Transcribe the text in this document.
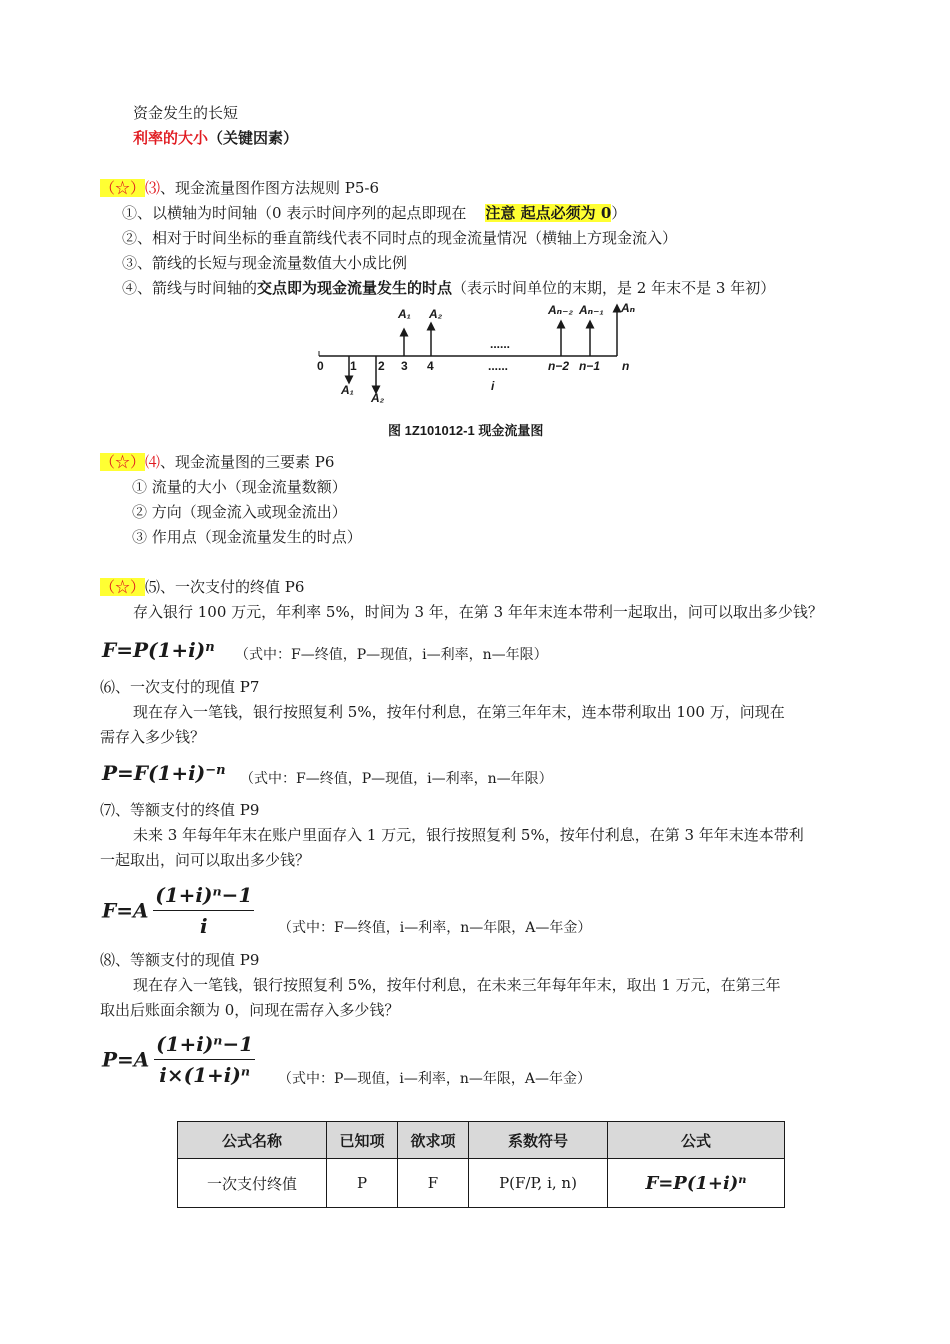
资金发生的长短
利率的大小（关键因素）
（☆）⑶、现金流量图作图方法规则 P5-6
①、以横轴为时间轴（0 表示时间序列的起点即现在 注意 起点必须为 0）
②、相对于时间坐标的垂直箭线代表不同时点的现金流量情况（横轴上方现金流入）
③、箭线的长短与现金流量数值大小成比例
④、箭线与时间轴的交点即为现金流量发生的时点（表示时间单位的末期，是 2 年末不是 3 年初）
0 1 2 3 4	......	n−2 n−1 n
A₁ A₂	Aₙ₋₂ Aₙ₋₁ Aₙ
A₁
A₂
......
i
图 1Z101012-1 现金流量图
（☆）⑷、现金流量图的三要素 P6
① 流量的大小（现金流量数额）
② 方向（现金流入或现金流出）
③ 作用点（现金流量发生的时点）
（☆）⑸、一次支付的终值 P6
存入银行 100 万元，年利率 5%，时间为 3 年，在第 3 年年末连本带利一起取出，问可以取出多少钱？
$F=P(1+i)^n$ （式中：F—终值，P—现值，i—利率，n—年限）
⑹、一次支付的现值 P7
现在存入一笔钱，银行按照复利 5%，按年付利息，在第三年年末，连本带利取出 100 万，问现在
需存入多少钱？
$P=F(1+i)^{-n}$
（式中：F—终值，P—现值，i—利率，n—年限）
⑺、等额支付的终值 P9
未来 3 年每年年末在账户里面存入 1 万元，银行按照复利 5%，按年付利息，在第 3 年年末连本带利
一起取出，问可以取出多少钱？
$F=A \frac{\text{(1+i)ⁿ−1}}{i}$ （式中：F—终值，i—利率，n—年限，A—年金）
⑻、等额支付的现值 P9
现在存入一笔钱，银行按照复利 5%，按年付利息，在未来三年每年年末，取出 1 万元，在第三年
取出后账面余额为 0，问现在需存入多少钱？
$P=A \frac{\text{(1+i)ⁿ−1}}{\text{i×(1+i)ⁿ}}$ （式中：P—现值，i—利率，n—年限，A—年金）
公式名称	已知项	欲求项	系数符号	公式
一次支付终值	P	F	P(F/P, i, n)	F=P(1+i)ⁿ
